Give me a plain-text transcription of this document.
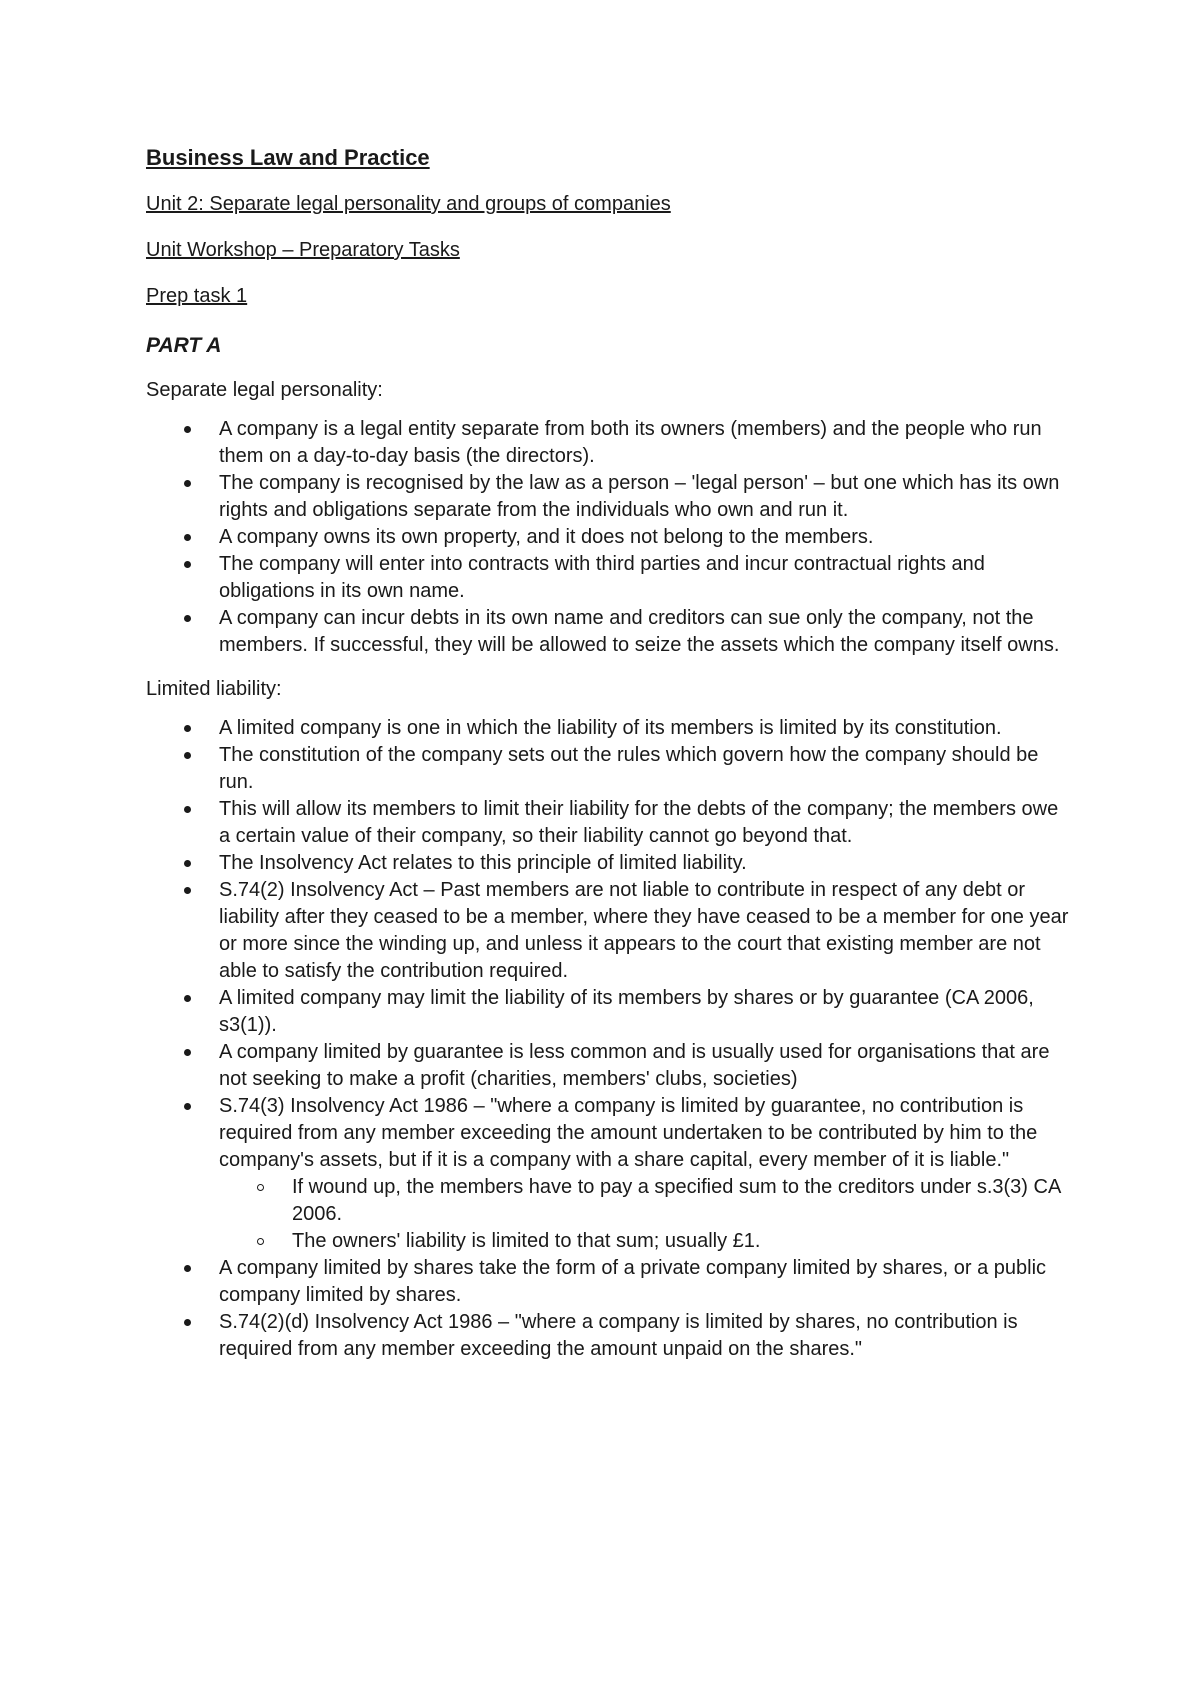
Business Law and Practice
Unit 2: Separate legal personality and groups of companies
Unit Workshop – Preparatory Tasks
Prep task 1
PART A
Separate legal personality:
A company is a legal entity separate from both its owners (members) and the people who run them on a day-to-day basis (the directors).
The company is recognised by the law as a person – 'legal person' – but one which has its own rights and obligations separate from the individuals who own and run it.
A company owns its own property, and it does not belong to the members.
The company will enter into contracts with third parties and incur contractual rights and obligations in its own name.
A company can incur debts in its own name and creditors can sue only the company, not the members. If successful, they will be allowed to seize the assets which the company itself owns.
Limited liability:
A limited company is one in which the liability of its members is limited by its constitution.
The constitution of the company sets out the rules which govern how the company should be run.
This will allow its members to limit their liability for the debts of the company; the members owe a certain value of their company, so their liability cannot go beyond that.
The Insolvency Act relates to this principle of limited liability.
S.74(2) Insolvency Act – Past members are not liable to contribute in respect of any debt or liability after they ceased to be a member, where they have ceased to be a member for one year or more since the winding up, and unless it appears to the court that existing member are not able to satisfy the contribution required.
A limited company may limit the liability of its members by shares or by guarantee (CA 2006, s3(1)).
A company limited by guarantee is less common and is usually used for organisations that are not seeking to make a profit (charities, members' clubs, societies)
S.74(3) Insolvency Act 1986 – "where a company is limited by guarantee, no contribution is required from any member exceeding the amount undertaken to be contributed by him to the company's assets, but if it is a company with a share capital, every member of it is liable."
If wound up, the members have to pay a specified sum to the creditors under s.3(3) CA 2006.
The owners' liability is limited to that sum; usually £1.
A company limited by shares take the form of a private company limited by shares, or a public company limited by shares.
S.74(2)(d) Insolvency Act 1986 – "where a company is limited by shares, no contribution is required from any member exceeding the amount unpaid on the shares."
